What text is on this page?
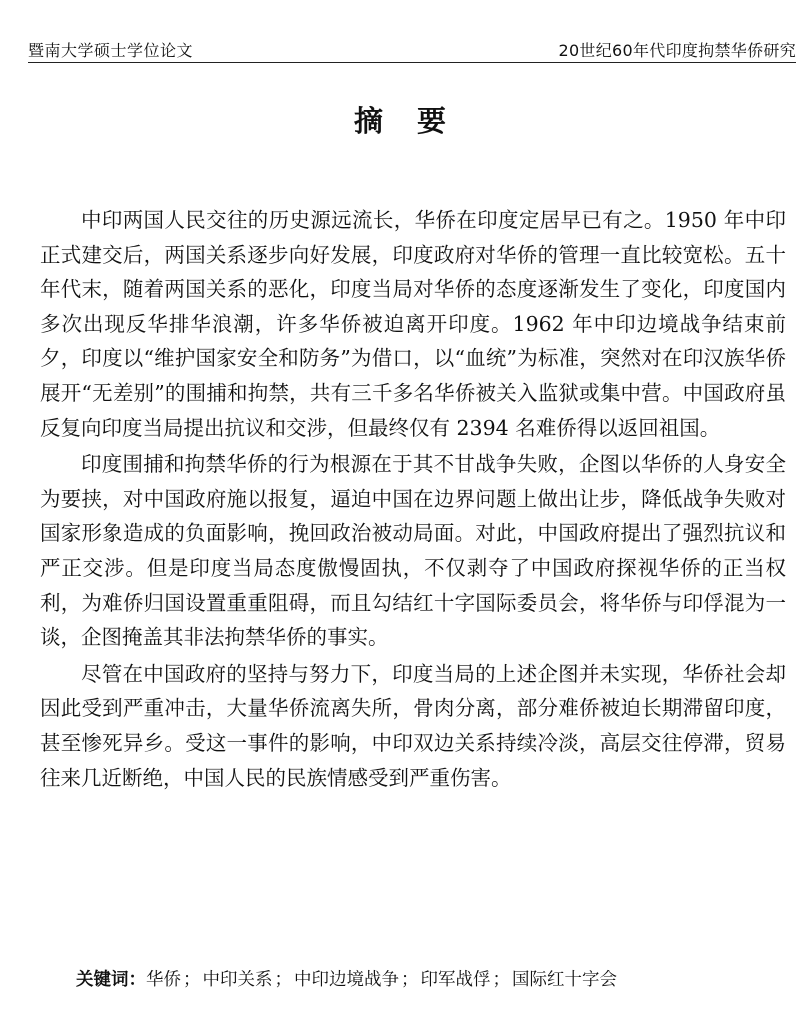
暨南大学硕士学位论文	20世纪60年代印度拘禁华侨研究
摘 要

中印两国人民交往的历史源远流长，华侨在印度定居早已有之。1950 年中印正式建交后，两国关系逐步向好发展，印度政府对华侨的管理一直比较宽松。五十年代末，随着两国关系的恶化，印度当局对华侨的态度逐渐发生了变化，印度国内多次出现反华排华浪潮，许多华侨被迫离开印度。1962 年中印边境战争结束前夕，印度以“维护国家安全和防务”为借口，以“血统”为标准，突然对在印汉族华侨展开“无差别”的围捕和拘禁，共有三千多名华侨被关入监狱或集中营。中国政府虽反复向印度当局提出抗议和交涉，但最终仅有 2394 名难侨得以返回祖国。

印度围捕和拘禁华侨的行为根源在于其不甘战争失败，企图以华侨的人身安全为要挟，对中国政府施以报复，逼迫中国在边界问题上做出让步，降低战争失败对国家形象造成的负面影响，挽回政治被动局面。对此，中国政府提出了强烈抗议和严正交涉。但是印度当局态度傲慢固执，不仅剥夺了中国政府探视华侨的正当权利，为难侨归国设置重重阻碍，而且勾结红十字国际委员会，将华侨与印俘混为一谈，企图掩盖其非法拘禁华侨的事实。

尽管在中国政府的坚持与努力下，印度当局的上述企图并未实现，华侨社会却因此受到严重冲击，大量华侨流离失所，骨肉分离，部分难侨被迫长期滞留印度，甚至惨死异乡。受这一事件的影响，中印双边关系持续冷淡，高层交往停滞，贸易往来几近断绝，中国人民的民族情感受到严重伤害。

关键词：华侨 ； 中印关系 ； 中印边境战争 ； 印军战俘 ； 国际红十字会
